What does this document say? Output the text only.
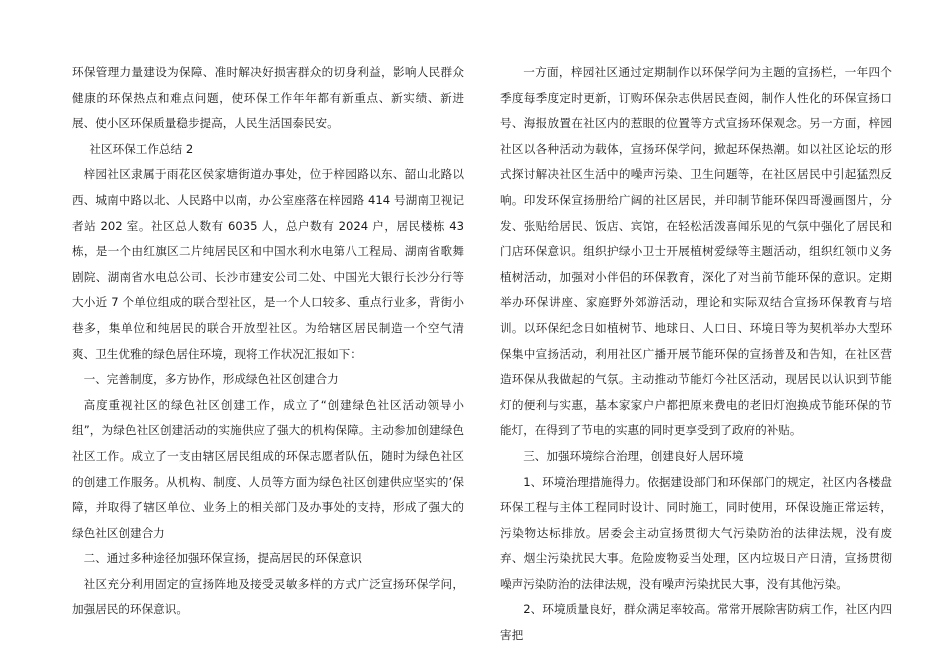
环保管理力量建设为保障、准时解决好损害群众的切身利益，影响人民群众健康的环保热点和难点问题，使环保工作年年都有新重点、新实绩、新进展、使小区环保质量稳步提高，人民生活国泰民安。

社区环保工作总结 2

梓园社区隶属于雨花区侯家塘街道办事处，位于梓园路以东、韶山北路以西、城南中路以北、人民路中以南，办公室座落在梓园路 414 号湖南卫视记者站 202 室。社区总人数有 6035 人，总户数有 2024 户，居民楼栋 43 栋，是一个由红旗区二片纯居民区和中国水利水电第八工程局、湖南省歌舞剧院、湖南省水电总公司、长沙市建安公司二处、中国光大银行长沙分行等大小近 7 个单位组成的联合型社区，是一个人口较多、重点行业多，背街小巷多，集单位和纯居民的联合开放型社区。为给辖区居民制造一个空气清爽、卫生优雅的绿色居住环境，现将工作状况汇报如下：

一、完善制度，多方协作，形成绿色社区创建合力

高度重视社区的绿色社区创建工作，成立了“创建绿色社区活动领导小组”，为绿色社区创建活动的实施供应了强大的机构保障。主动参加创建绿色社区工作。成立了一支由辖区居民组成的环保志愿者队伍，随时为绿色社区的创建工作服务。从机构、制度、人员等方面为绿色社区创建供应坚实的’保障，并取得了辖区单位、业务上的相关部门及办事处的支持，形成了强大的绿色社区创建合力

二、通过多种途径加强环保宣扬，提高居民的环保意识

社区充分利用固定的宣扬阵地及接受灵敏多样的方式广泛宣扬环保学问，加强居民的环保意识。

一方面，梓园社区通过定期制作以环保学问为主题的宣扬栏，一年四个季度每季度定时更新，订购环保杂志供居民查阅，制作人性化的环保宣扬口号、海报放置在社区内的惹眼的位置等方式宣扬环保观念。另一方面，梓园社区以各种活动为载体，宣扬环保学问，掀起环保热潮。如以社区论坛的形式探讨解决社区生活中的噪声污染、卫生问题等，在社区居民中引起猛烈反响。印发环保宣扬册给广阔的社区居民，并印制节能环保四哥漫画图片，分发、张贴给居民、饭店、宾馆，在轻松活泼喜闻乐见的气氛中强化了居民和门店环保意识。组织护绿小卫士开展植树爱绿等主题活动，组织红领巾义务植树活动，加强对小伴侣的环保教育，深化了对当前节能环保的意识。定期举办环保讲座、家庭野外郊游活动，理论和实际双结合宣扬环保教育与培训。以环保纪念日如植树节、地球日、人口日、环境日等为契机举办大型环保集中宣扬活动，利用社区广播开展节能环保的宣扬普及和告知，在社区营造环保从我做起的气氛。主动推动节能灯今社区活动，现居民以认识到节能灯的便利与实惠，基本家家户户都把原来费电的老旧灯泡换成节能环保的节能灯，在得到了节电的实惠的同时更享受到了政府的补贴。

三、加强环境综合治理，创建良好人居环境

1、环境治理措施得力。依据建设部门和环保部门的规定，社区内各楼盘环保工程与主体工程同时设计、同时施工，同时使用，环保设施正常运转，污染物达标排放。居委会主动宣扬贯彻大气污染防治的法律法规，没有废弃、烟尘污染扰民大事。危险废物妥当处理，区内垃圾日产日清，宣扬贯彻噪声污染防治的法律法规，没有噪声污染扰民大事，没有其他污染。

2、环境质量良好，群众满足率较高。常常开展除害防病工作，社区内四害把
